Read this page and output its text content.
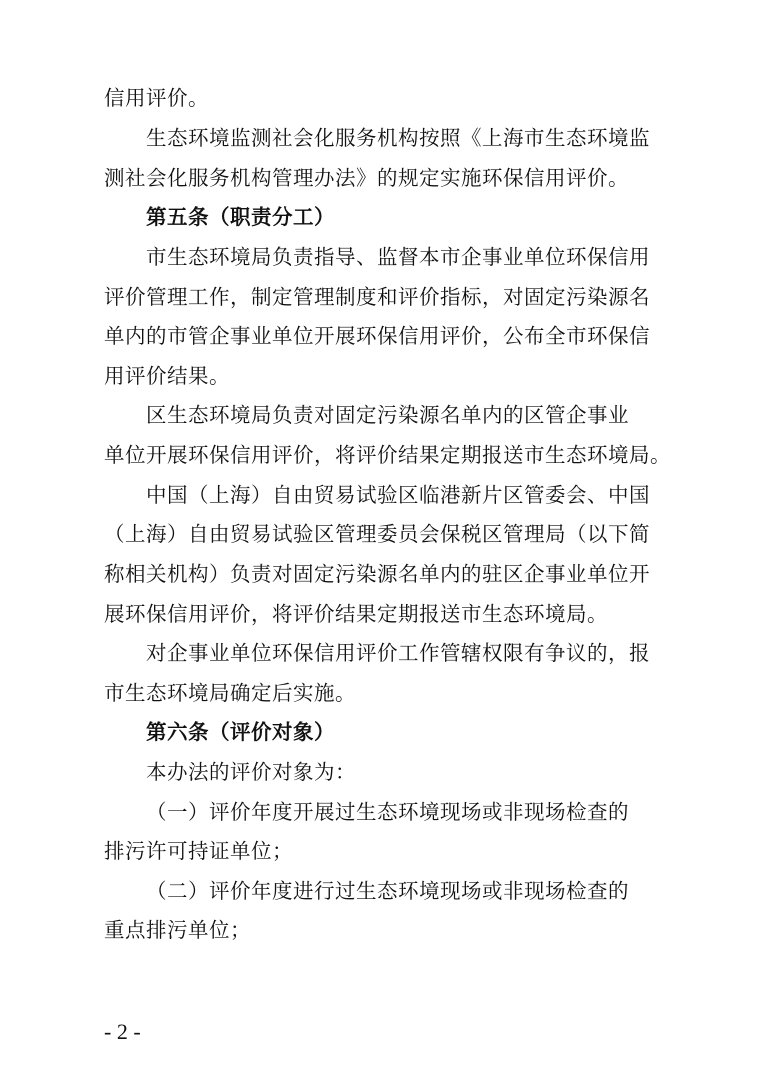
信用评价。
生态环境监测社会化服务机构按照《上海市生态环境监
测社会化服务机构管理办法》的规定实施环保信用评价。
第五条（职责分工）
市生态环境局负责指导、监督本市企事业单位环保信用
评价管理工作，制定管理制度和评价指标，对固定污染源名
单内的市管企事业单位开展环保信用评价，公布全市环保信
用评价结果。
区生态环境局负责对固定污染源名单内的区管企事业
单位开展环保信用评价，将评价结果定期报送市生态环境局。
中国（上海）自由贸易试验区临港新片区管委会、中国
（上海）自由贸易试验区管理委员会保税区管理局（以下简
称相关机构）负责对固定污染源名单内的驻区企事业单位开
展环保信用评价，将评价结果定期报送市生态环境局。
对企事业单位环保信用评价工作管辖权限有争议的，报
市生态环境局确定后实施。
第六条（评价对象）
本办法的评价对象为：
（一）评价年度开展过生态环境现场或非现场检查的
排污许可持证单位；
（二）评价年度进行过生态环境现场或非现场检查的
重点排污单位；
- 2 -
